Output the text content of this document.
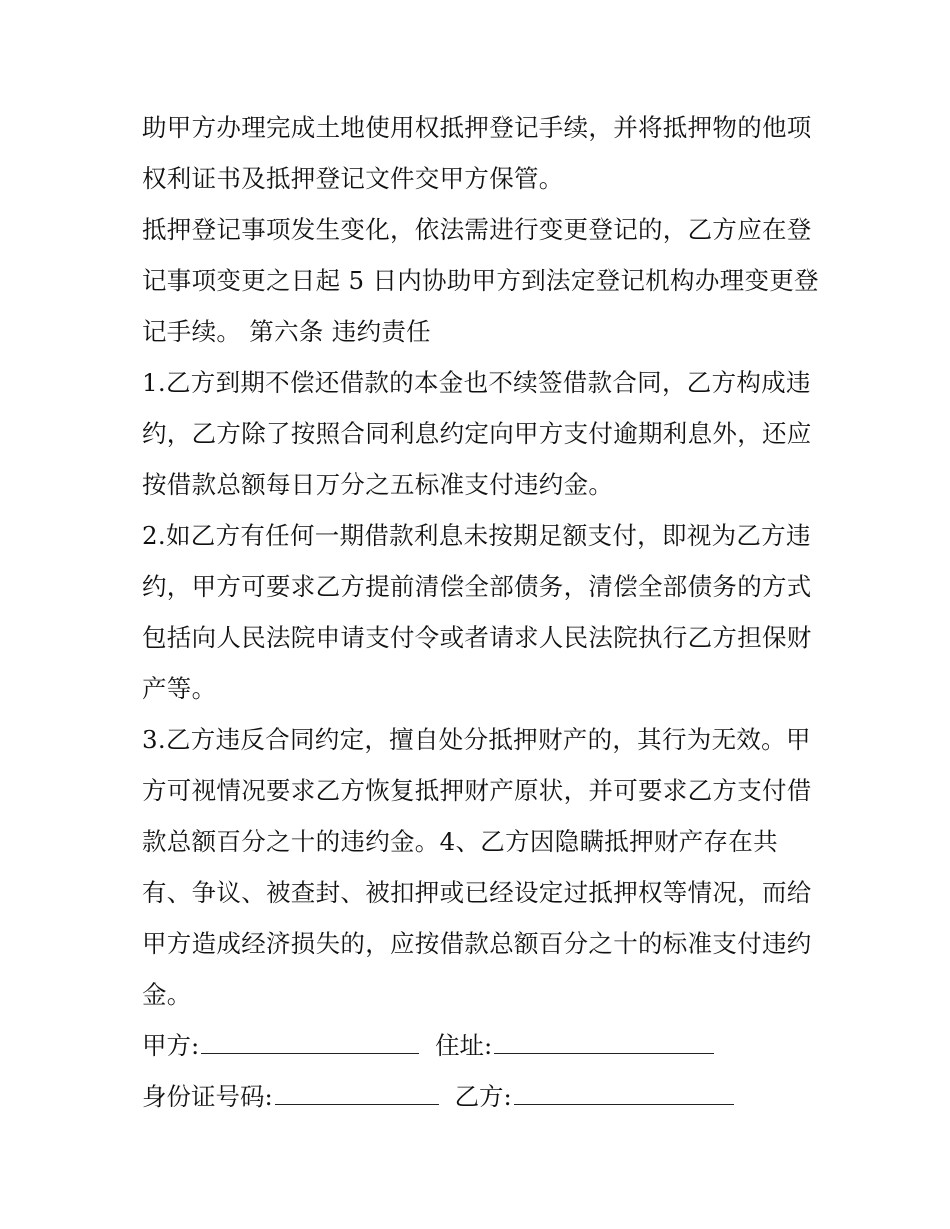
助甲方办理完成土地使用权抵押登记手续，并将抵押物的他项
权利证书及抵押登记文件交甲方保管。
抵押登记事项发生变化，依法需进行变更登记的，乙方应在登
记事项变更之日起 5 日内协助甲方到法定登记机构办理变更登
记手续。 第六条 违约责任
1.乙方到期不偿还借款的本金也不续签借款合同，乙方构成违
约，乙方除了按照合同利息约定向甲方支付逾期利息外，还应
按借款总额每日万分之五标准支付违约金。
2.如乙方有任何一期借款利息未按期足额支付，即视为乙方违
约，甲方可要求乙方提前清偿全部债务，清偿全部债务的方式
包括向人民法院申请支付令或者请求人民法院执行乙方担保财
产等。
3.乙方违反合同约定，擅自处分抵押财产的，其行为无效。甲
方可视情况要求乙方恢复抵押财产原状，并可要求乙方支付借
款总额百分之十的违约金。4、乙方因隐瞒抵押财产存在共
有、争议、被查封、被扣押或已经设定过抵押权等情况，而给
甲方造成经济损失的，应按借款总额百分之十的标准支付违约
金。
甲方:	住址:
身份证号码:	乙方:
